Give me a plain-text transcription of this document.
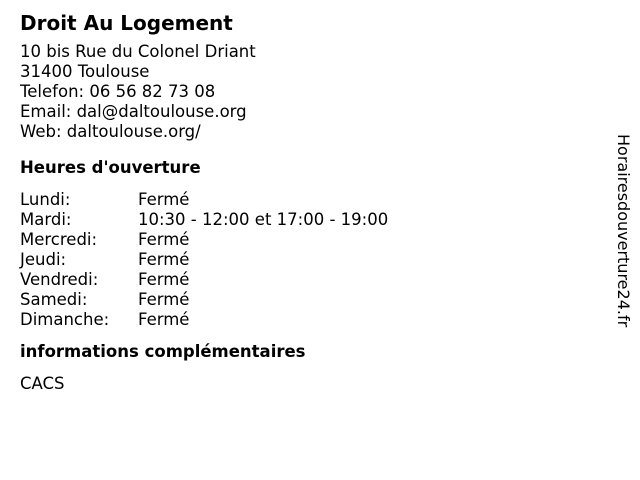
Droit Au Logement
10 bis Rue du Colonel Driant
31400 Toulouse
Telefon: 06 56 82 73 08
Email: dal@daltoulouse.org
Web: daltoulouse.org/
Heures d'ouverture
Lundi:	Fermé
Mardi:	10:30 - 12:00 et 17:00 - 19:00
Mercredi:	Fermé
Jeudi:	Fermé
Vendredi:	Fermé
Samedi:	Fermé
Dimanche:	Fermé
informations complémentaires
CACS
Horairesdouverture24.fr
